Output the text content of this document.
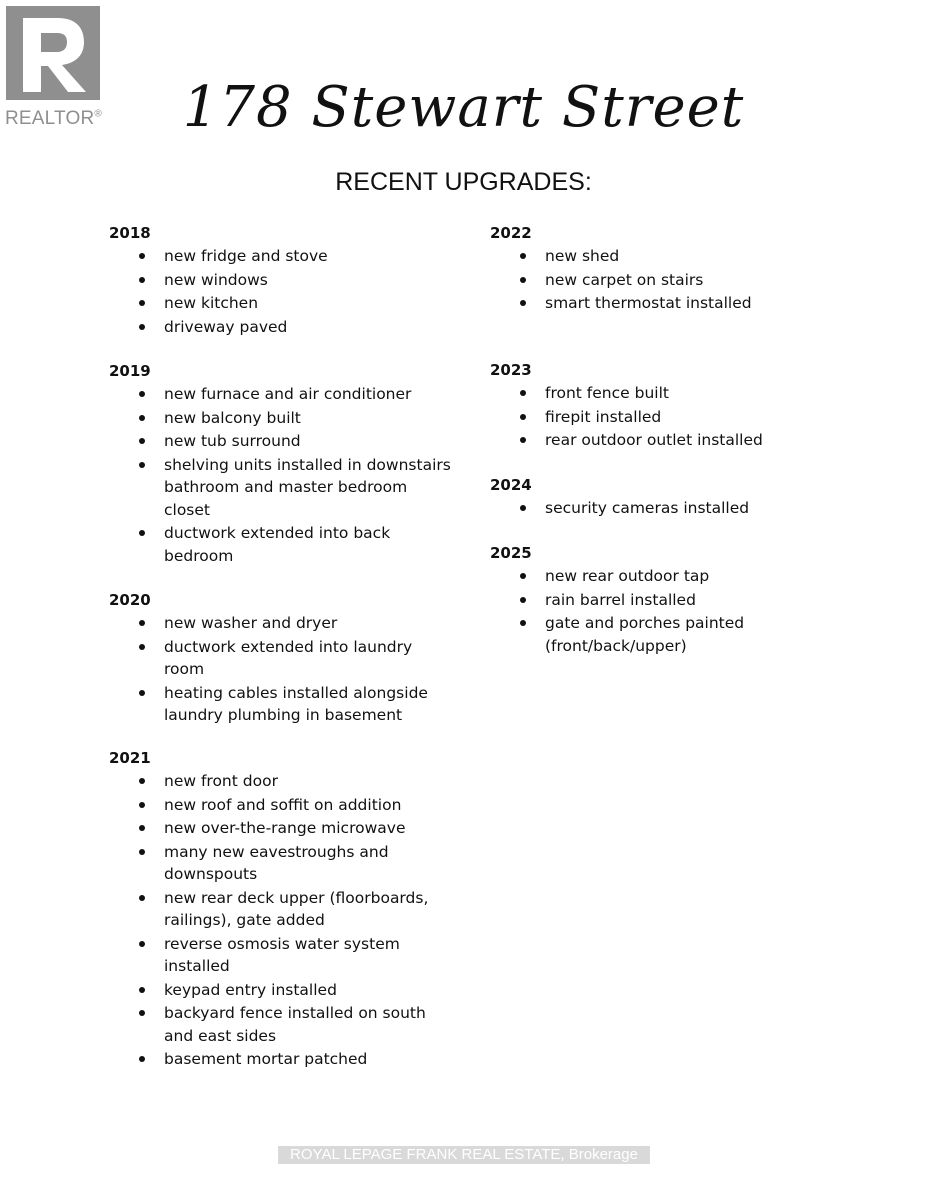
REALTOR®	178 Stewart Street
RECENT UPGRADES:
2018
new fridge and stove
new windows
new kitchen
driveway paved
2019
new furnace and air conditioner
new balcony built
new tub surround
shelving units installed in downstairs bathroom and master bedroom closet
ductwork extended into back bedroom
2020
new washer and dryer
ductwork extended into laundry room
heating cables installed alongside laundry plumbing in basement
2021
new front door
new roof and soffit on addition
new over-the-range microwave
many new eavestroughs and downspouts
new rear deck upper (floorboards, railings), gate added
reverse osmosis water system installed
keypad entry installed
backyard fence installed on south and east sides
basement mortar patched
2022
new shed
new carpet on stairs
smart thermostat installed
2023
front fence built
firepit installed
rear outdoor outlet installed
2024
security cameras installed
2025
new rear outdoor tap
rain barrel installed
gate and porches painted (front/back/upper)
ROYAL LEPAGE FRANK REAL ESTATE, Brokerage
